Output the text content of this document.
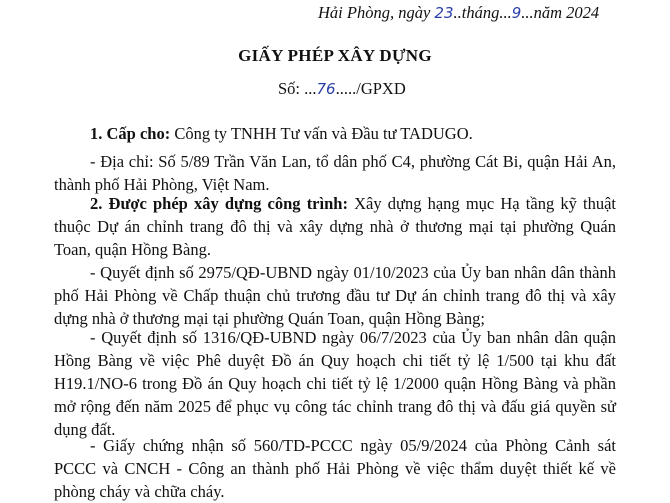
Hải Phòng, ngày 23..tháng...9...năm 2024
GIẤY PHÉP XÂY DỰNG
Số: ...76...../GPXD
1. Cấp cho: Công ty TNHH Tư vấn và Đầu tư TADUGO.
- Địa chỉ: Số 5/89 Trần Văn Lan, tổ dân phố C4, phường Cát Bi, quận Hải An, thành phố Hải Phòng, Việt Nam.
2. Được phép xây dựng công trình: Xây dựng hạng mục Hạ tầng kỹ thuật thuộc Dự án chỉnh trang đô thị và xây dựng nhà ở thương mại tại phường Quán Toan, quận Hồng Bàng.
- Quyết định số 2975/QĐ-UBND ngày 01/10/2023 của Ủy ban nhân dân thành phố Hải Phòng về Chấp thuận chủ trương đầu tư Dự án chỉnh trang đô thị và xây dựng nhà ở thương mại tại phường Quán Toan, quận Hồng Bàng;
- Quyết định số 1316/QĐ-UBND ngày 06/7/2023 của Ủy ban nhân dân quận Hồng Bàng về việc Phê duyệt Đồ án Quy hoạch chi tiết tỷ lệ 1/500 tại khu đất H19.1/NO-6 trong Đồ án Quy hoạch chi tiết tỷ lệ 1/2000 quận Hồng Bàng và phần mở rộng đến năm 2025 để phục vụ công tác chỉnh trang đô thị và đấu giá quyền sử dụng đất.
- Giấy chứng nhận số 560/TD-PCCC ngày 05/9/2024 của Phòng Cảnh sát PCCC và CNCH - Công an thành phố Hải Phòng về việc thẩm duyệt thiết kế về phòng cháy và chữa cháy.
